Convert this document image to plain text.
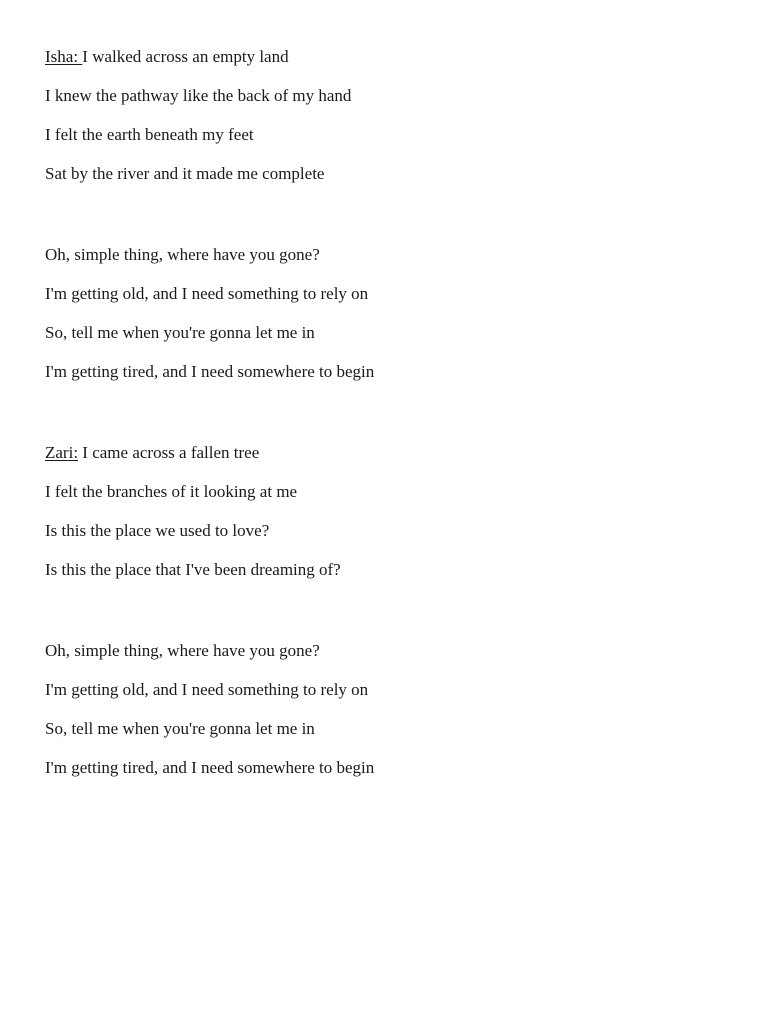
Isha: I walked across an empty land
I knew the pathway like the back of my hand
I felt the earth beneath my feet
Sat by the river and it made me complete
Oh, simple thing, where have you gone?
I'm getting old, and I need something to rely on
So, tell me when you're gonna let me in
I'm getting tired, and I need somewhere to begin
Zari: I came across a fallen tree
I felt the branches of it looking at me
Is this the place we used to love?
Is this the place that I've been dreaming of?
Oh, simple thing, where have you gone?
I'm getting old, and I need something to rely on
So, tell me when you're gonna let me in
I'm getting tired, and I need somewhere to begin
